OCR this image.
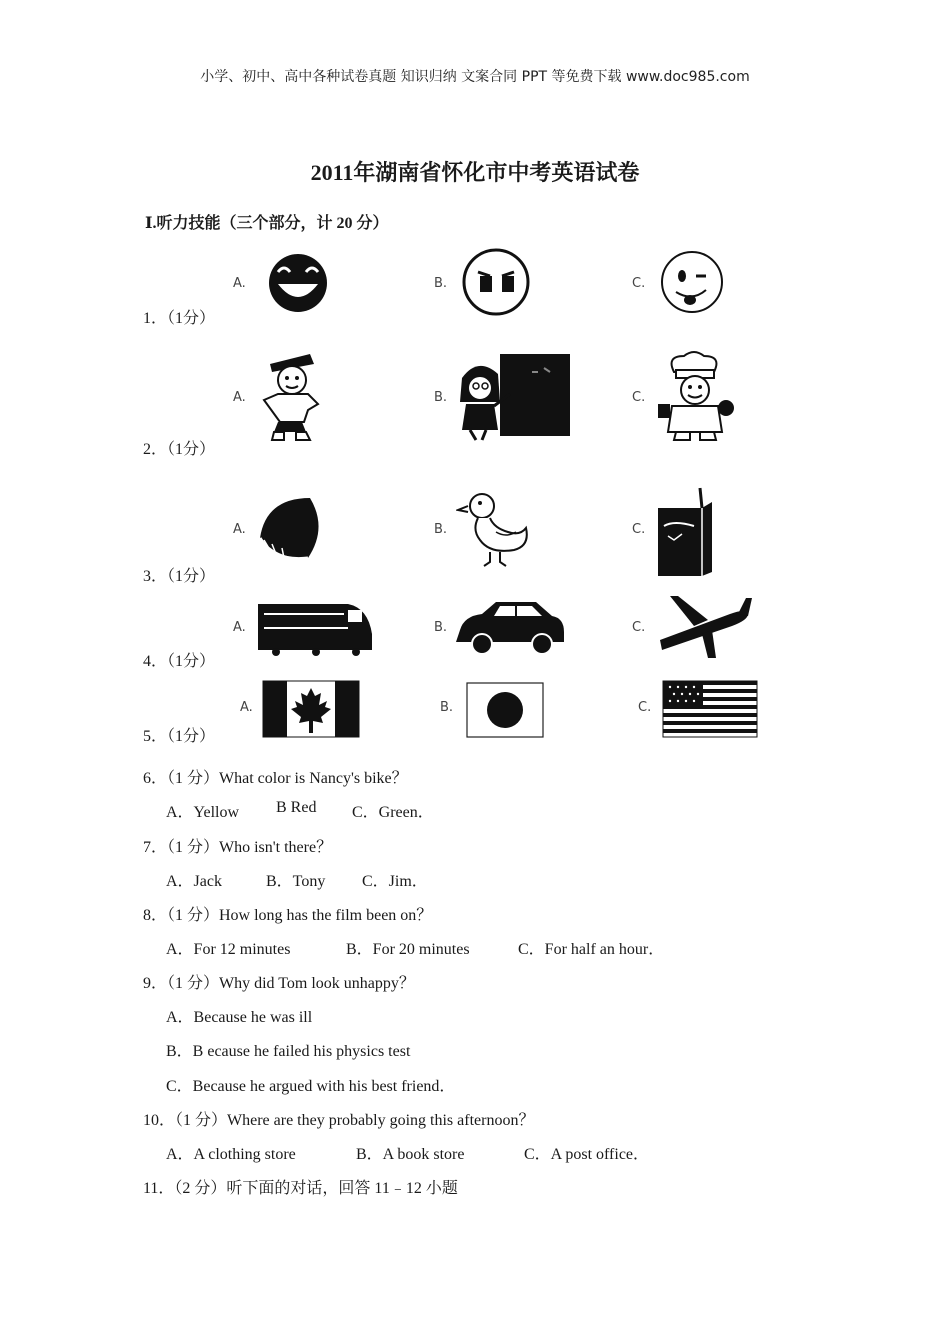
小学、初中、高中各种试卷真题 知识归纳 文案合同 PPT 等免费下载 www.doc985.com
2011年湖南省怀化市中考英语试卷
Ⅰ.听力技能（三个部分，计 20 分）
1．（1分）
A.	B.	C.
2．（1分）
A.	B.	C.
3．（1分）
A.	B.	C.
4．（1分）
A.	B.	C.
5．（1分）
A.	B.	C.
6．（1 分）What color is Nancy's bike？
A．Yellow B Red C．Green．
7．（1 分）Who isn't there？
A．Jack	B．Tony C．Jim．
8．（1 分）How long has the film been on？
A．For 12 minutes	B．For 20 minutes	C．For half an hour．
9．（1 分）Why did Tom look unhappy？
A．Because he was ill
B．B ecause he failed his physics test
C．Because he argued with his best friend．
10．（1 分）Where are they probably going this afternoon？
A．A clothing store	B．A book store	C．A post office．
11．（2 分）听下面的对话，回答 11﹣12 小题
